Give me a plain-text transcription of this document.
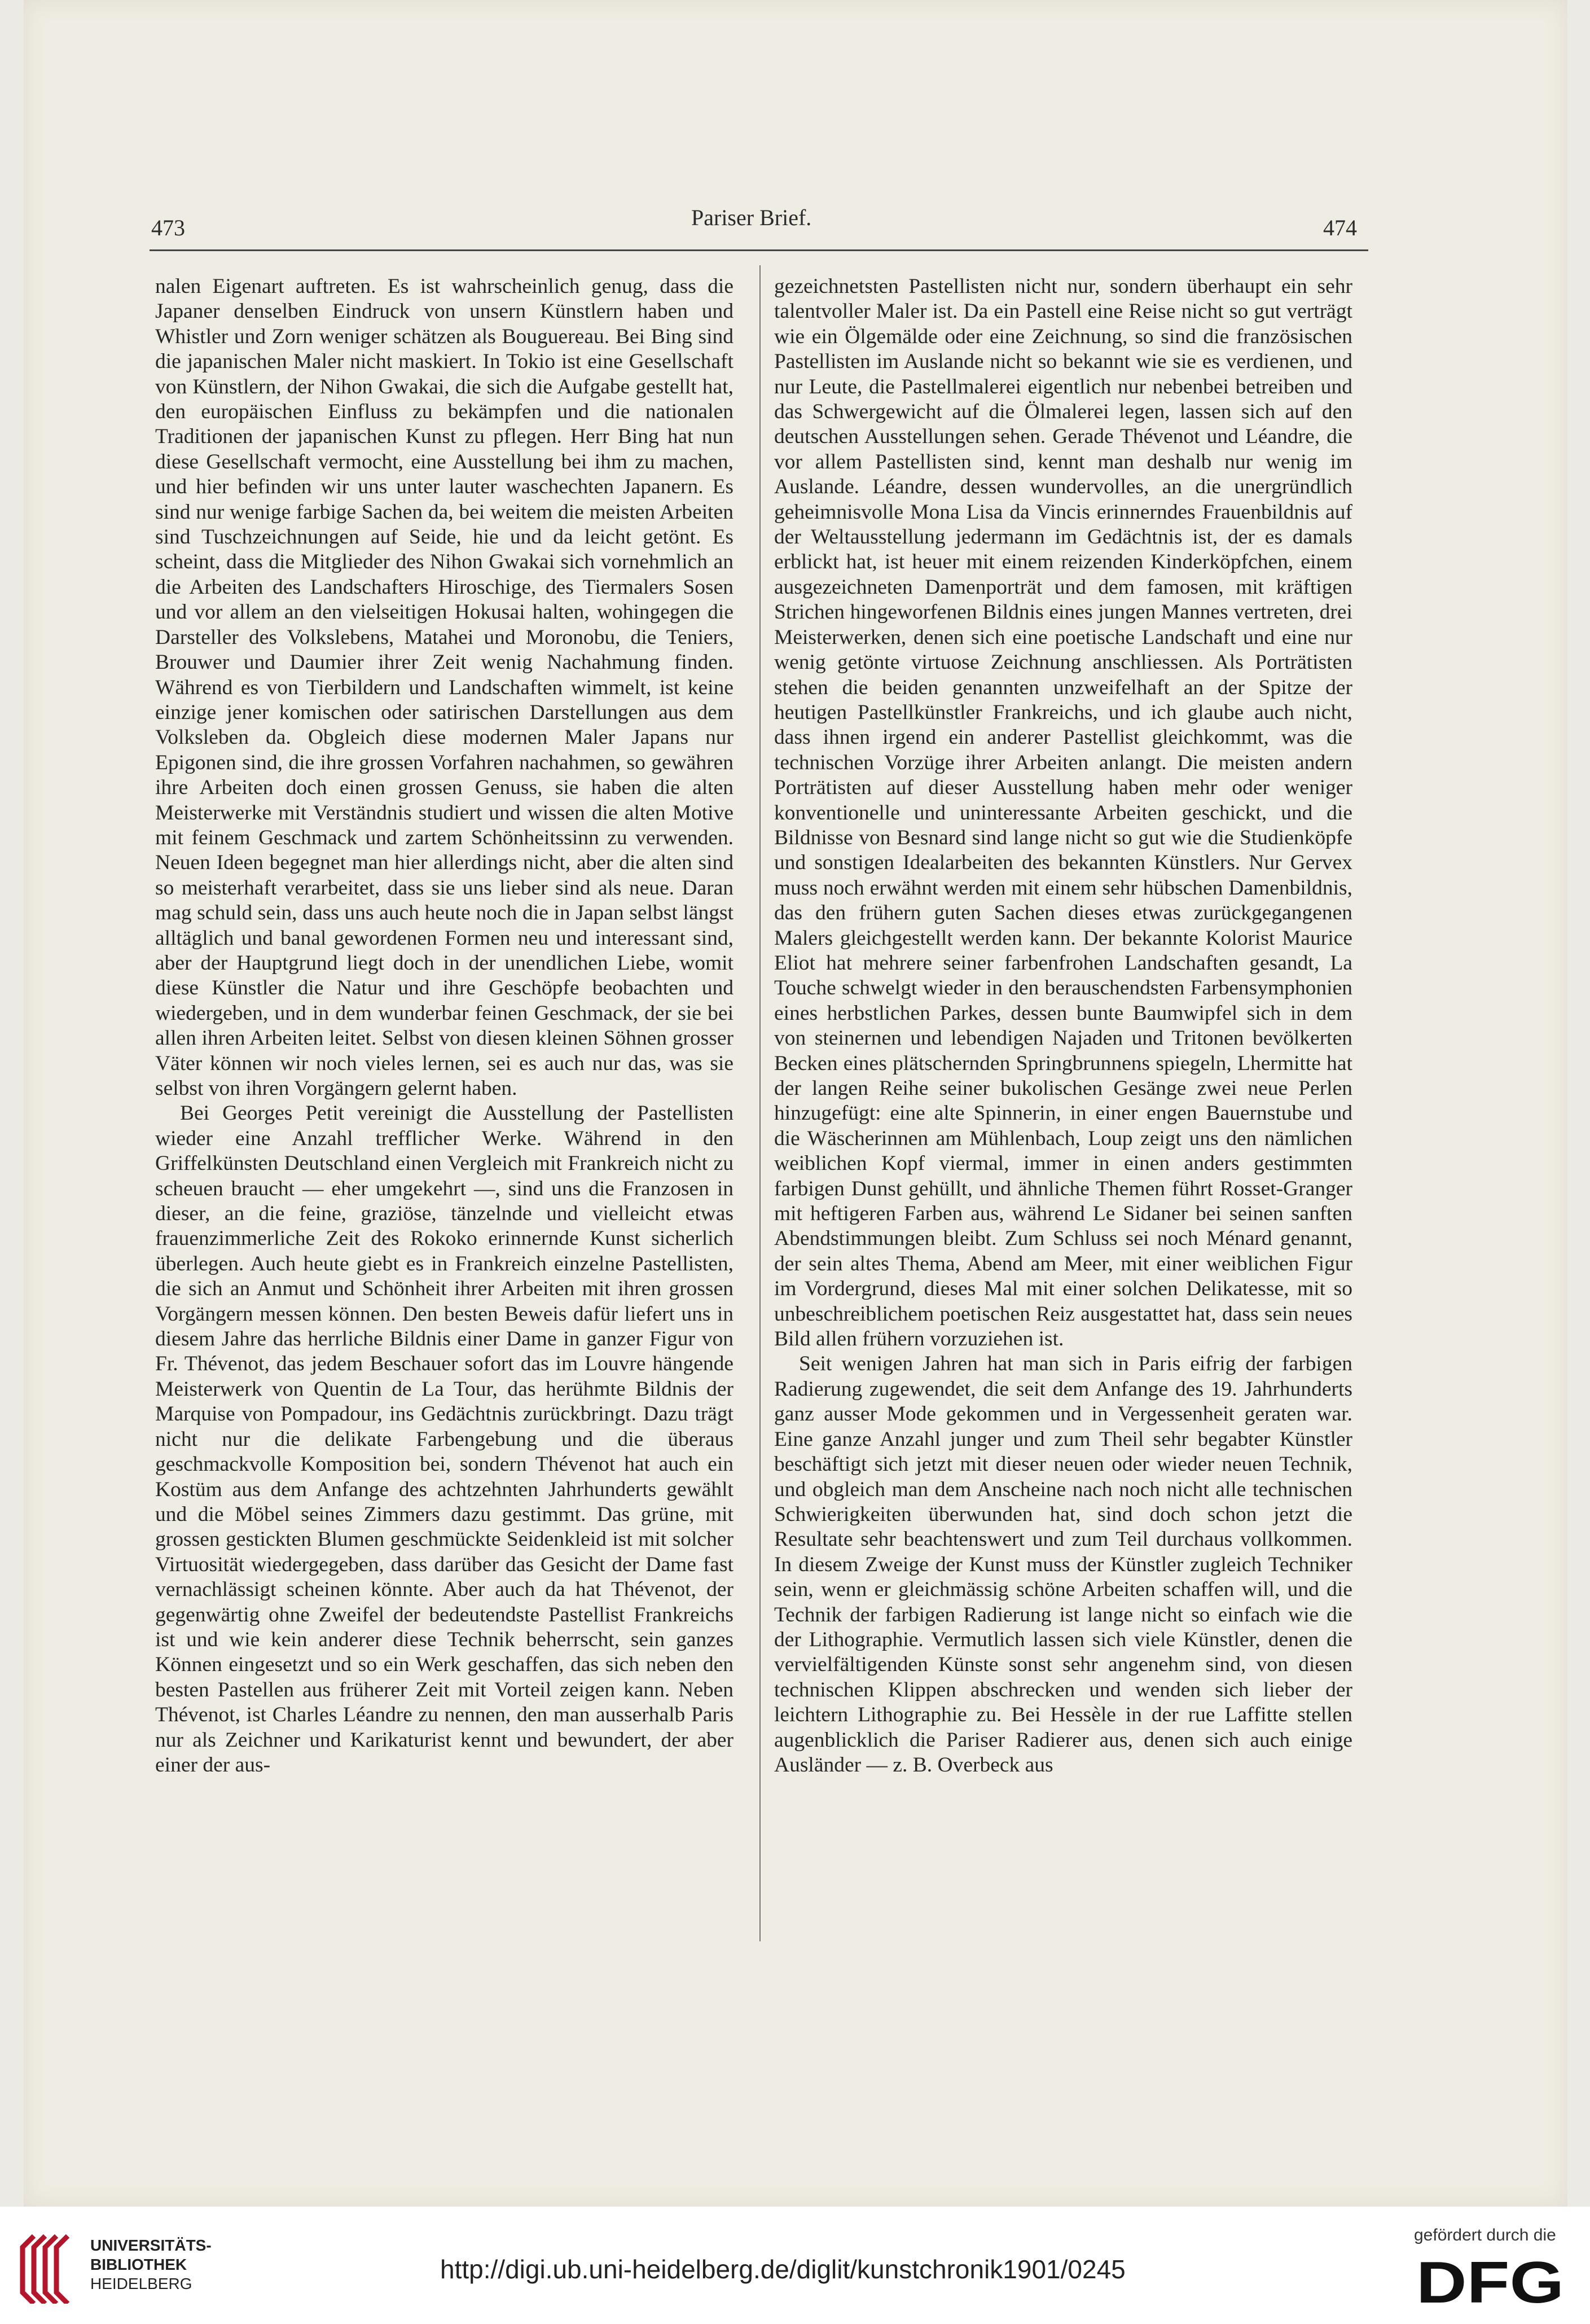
473	Pariser Brief.	474

nalen Eigenart auftreten. Es ist wahrscheinlich genug, dass die Japaner denselben Eindruck von unsern Künstlern haben und Whistler und Zorn weniger schätzen als Bouguereau. Bei Bing sind die japanischen Maler nicht maskiert. In Tokio ist eine Gesellschaft von Künstlern, der Nihon Gwakai, die sich die Aufgabe gestellt hat, den europäischen Einfluss zu bekämpfen und die nationalen Traditionen der japanischen Kunst zu pflegen. Herr Bing hat nun diese Gesellschaft vermocht, eine Ausstellung bei ihm zu machen, und hier befinden wir uns unter lauter waschechten Japanern. Es sind nur wenige farbige Sachen da, bei weitem die meisten Arbeiten sind Tuschzeichnungen auf Seide, hie und da leicht getönt. Es scheint, dass die Mitglieder des Nihon Gwakai sich vornehmlich an die Arbeiten des Landschafters Hiroschige, des Tiermalers Sosen und vor allem an den vielseitigen Hokusai halten, wohingegen die Darsteller des Volkslebens, Matahei und Moronobu, die Teniers, Brouwer und Daumier ihrer Zeit wenig Nachahmung finden. Während es von Tierbildern und Landschaften wimmelt, ist keine einzige jener komischen oder satirischen Darstellungen aus dem Volksleben da. Obgleich diese modernen Maler Japans nur Epigonen sind, die ihre grossen Vorfahren nachahmen, so gewähren ihre Arbeiten doch einen grossen Genuss, sie haben die alten Meisterwerke mit Verständnis studiert und wissen die alten Motive mit feinem Geschmack und zartem Schönheitssinn zu verwenden. Neuen Ideen begegnet man hier allerdings nicht, aber die alten sind so meisterhaft verarbeitet, dass sie uns lieber sind als neue. Daran mag schuld sein, dass uns auch heute noch die in Japan selbst längst alltäglich und banal gewordenen Formen neu und interessant sind, aber der Hauptgrund liegt doch in der unendlichen Liebe, womit diese Künstler die Natur und ihre Geschöpfe beobachten und wiedergeben, und in dem wunderbar feinen Geschmack, der sie bei allen ihren Arbeiten leitet. Selbst von diesen kleinen Söhnen grosser Väter können wir noch vieles lernen, sei es auch nur das, was sie selbst von ihren Vorgängern gelernt haben.

Bei Georges Petit vereinigt die Ausstellung der Pastellisten wieder eine Anzahl trefflicher Werke. Während in den Griffelkünsten Deutschland einen Vergleich mit Frankreich nicht zu scheuen braucht — eher umgekehrt —, sind uns die Franzosen in dieser, an die feine, graziöse, tänzelnde und vielleicht etwas frauenzimmerliche Zeit des Rokoko erinnernde Kunst sicherlich überlegen. Auch heute giebt es in Frankreich einzelne Pastellisten, die sich an Anmut und Schönheit ihrer Arbeiten mit ihren grossen Vorgängern messen können. Den besten Beweis dafür liefert uns in diesem Jahre das herrliche Bildnis einer Dame in ganzer Figur von Fr. Thévenot, das jedem Beschauer sofort das im Louvre hängende Meisterwerk von Quentin de La Tour, das herühmte Bildnis der Marquise von Pompadour, ins Gedächtnis zurückbringt. Dazu trägt nicht nur die delikate Farbengebung und die überaus geschmackvolle Komposition bei, sondern Thévenot hat auch ein Kostüm aus dem Anfange des achtzehnten Jahrhunderts gewählt und die Möbel seines Zimmers dazu gestimmt. Das grüne, mit grossen gestickten Blumen geschmückte Seidenkleid ist mit solcher Virtuosität wiedergegeben, dass darüber das Gesicht der Dame fast vernachlässigt scheinen könnte. Aber auch da hat Thévenot, der gegenwärtig ohne Zweifel der bedeutendste Pastellist Frankreichs ist und wie kein anderer diese Technik beherrscht, sein ganzes Können eingesetzt und so ein Werk geschaffen, das sich neben den besten Pastellen aus früherer Zeit mit Vorteil zeigen kann. Neben Thévenot, ist Charles Léandre zu nennen, den man ausserhalb Paris nur als Zeichner und Karikaturist kennt und bewundert, der aber einer der aus-

gezeichnetsten Pastellisten nicht nur, sondern überhaupt ein sehr talentvoller Maler ist. Da ein Pastell eine Reise nicht so gut verträgt wie ein Ölgemälde oder eine Zeichnung, so sind die französischen Pastellisten im Auslande nicht so bekannt wie sie es verdienen, und nur Leute, die Pastellmalerei eigentlich nur nebenbei betreiben und das Schwergewicht auf die Ölmalerei legen, lassen sich auf den deutschen Ausstellungen sehen. Gerade Thévenot und Léandre, die vor allem Pastellisten sind, kennt man deshalb nur wenig im Auslande. Léandre, dessen wundervolles, an die unergründlich geheimnisvolle Mona Lisa da Vincis erinnerndes Frauenbildnis auf der Weltausstellung jedermann im Gedächtnis ist, der es damals erblickt hat, ist heuer mit einem reizenden Kinderköpfchen, einem ausgezeichneten Damenporträt und dem famosen, mit kräftigen Strichen hingeworfenen Bildnis eines jungen Mannes vertreten, drei Meisterwerken, denen sich eine poetische Landschaft und eine nur wenig getönte virtuose Zeichnung anschliessen. Als Porträtisten stehen die beiden genannten unzweifelhaft an der Spitze der heutigen Pastellkünstler Frankreichs, und ich glaube auch nicht, dass ihnen irgend ein anderer Pastellist gleichkommt, was die technischen Vorzüge ihrer Arbeiten anlangt. Die meisten andern Porträtisten auf dieser Ausstellung haben mehr oder weniger konventionelle und uninteressante Arbeiten geschickt, und die Bildnisse von Besnard sind lange nicht so gut wie die Studienköpfe und sonstigen Idealarbeiten des bekannten Künstlers. Nur Gervex muss noch erwähnt werden mit einem sehr hübschen Damenbildnis, das den frühern guten Sachen dieses etwas zurückgegangenen Malers gleichgestellt werden kann. Der bekannte Kolorist Maurice Eliot hat mehrere seiner farbenfrohen Landschaften gesandt, La Touche schwelgt wieder in den berauschendsten Farbensymphonien eines herbstlichen Parkes, dessen bunte Baumwipfel sich in dem von steinernen und lebendigen Najaden und Tritonen bevölkerten Becken eines plätschernden Springbrunnens spiegeln, Lhermitte hat der langen Reihe seiner bukolischen Gesänge zwei neue Perlen hinzugefügt: eine alte Spinnerin, in einer engen Bauernstube und die Wäscherinnen am Mühlenbach, Loup zeigt uns den nämlichen weiblichen Kopf viermal, immer in einen anders gestimmten farbigen Dunst gehüllt, und ähnliche Themen führt Rosset-Granger mit heftigeren Farben aus, während Le Sidaner bei seinen sanften Abendstimmungen bleibt. Zum Schluss sei noch Ménard genannt, der sein altes Thema, Abend am Meer, mit einer weiblichen Figur im Vordergrund, dieses Mal mit einer solchen Delikatesse, mit so unbeschreiblichem poetischen Reiz ausgestattet hat, dass sein neues Bild allen frühern vorzuziehen ist.

Seit wenigen Jahren hat man sich in Paris eifrig der farbigen Radierung zugewendet, die seit dem Anfange des 19. Jahrhunderts ganz ausser Mode gekommen und in Vergessenheit geraten war. Eine ganze Anzahl junger und zum Theil sehr begabter Künstler beschäftigt sich jetzt mit dieser neuen oder wieder neuen Technik, und obgleich man dem Anscheine nach noch nicht alle technischen Schwierigkeiten überwunden hat, sind doch schon jetzt die Resultate sehr beachtenswert und zum Teil durchaus vollkommen. In diesem Zweige der Kunst muss der Künstler zugleich Techniker sein, wenn er gleichmässig schöne Arbeiten schaffen will, und die Technik der farbigen Radierung ist lange nicht so einfach wie die der Lithographie. Vermutlich lassen sich viele Künstler, denen die vervielfältigenden Künste sonst sehr angenehm sind, von diesen technischen Klippen abschrecken und wenden sich lieber der leichtern Lithographie zu. Bei Hessèle in der rue Laffitte stellen augenblicklich die Pariser Radierer aus, denen sich auch einige Ausländer — z. B. Overbeck aus

UNIVERSITÄTS-
BIBLIOTHEK
HEIDELBERG	http://digi.ub.uni-heidelberg.de/diglit/kunstchronik1901/0245
gefördert durch die
DFG
